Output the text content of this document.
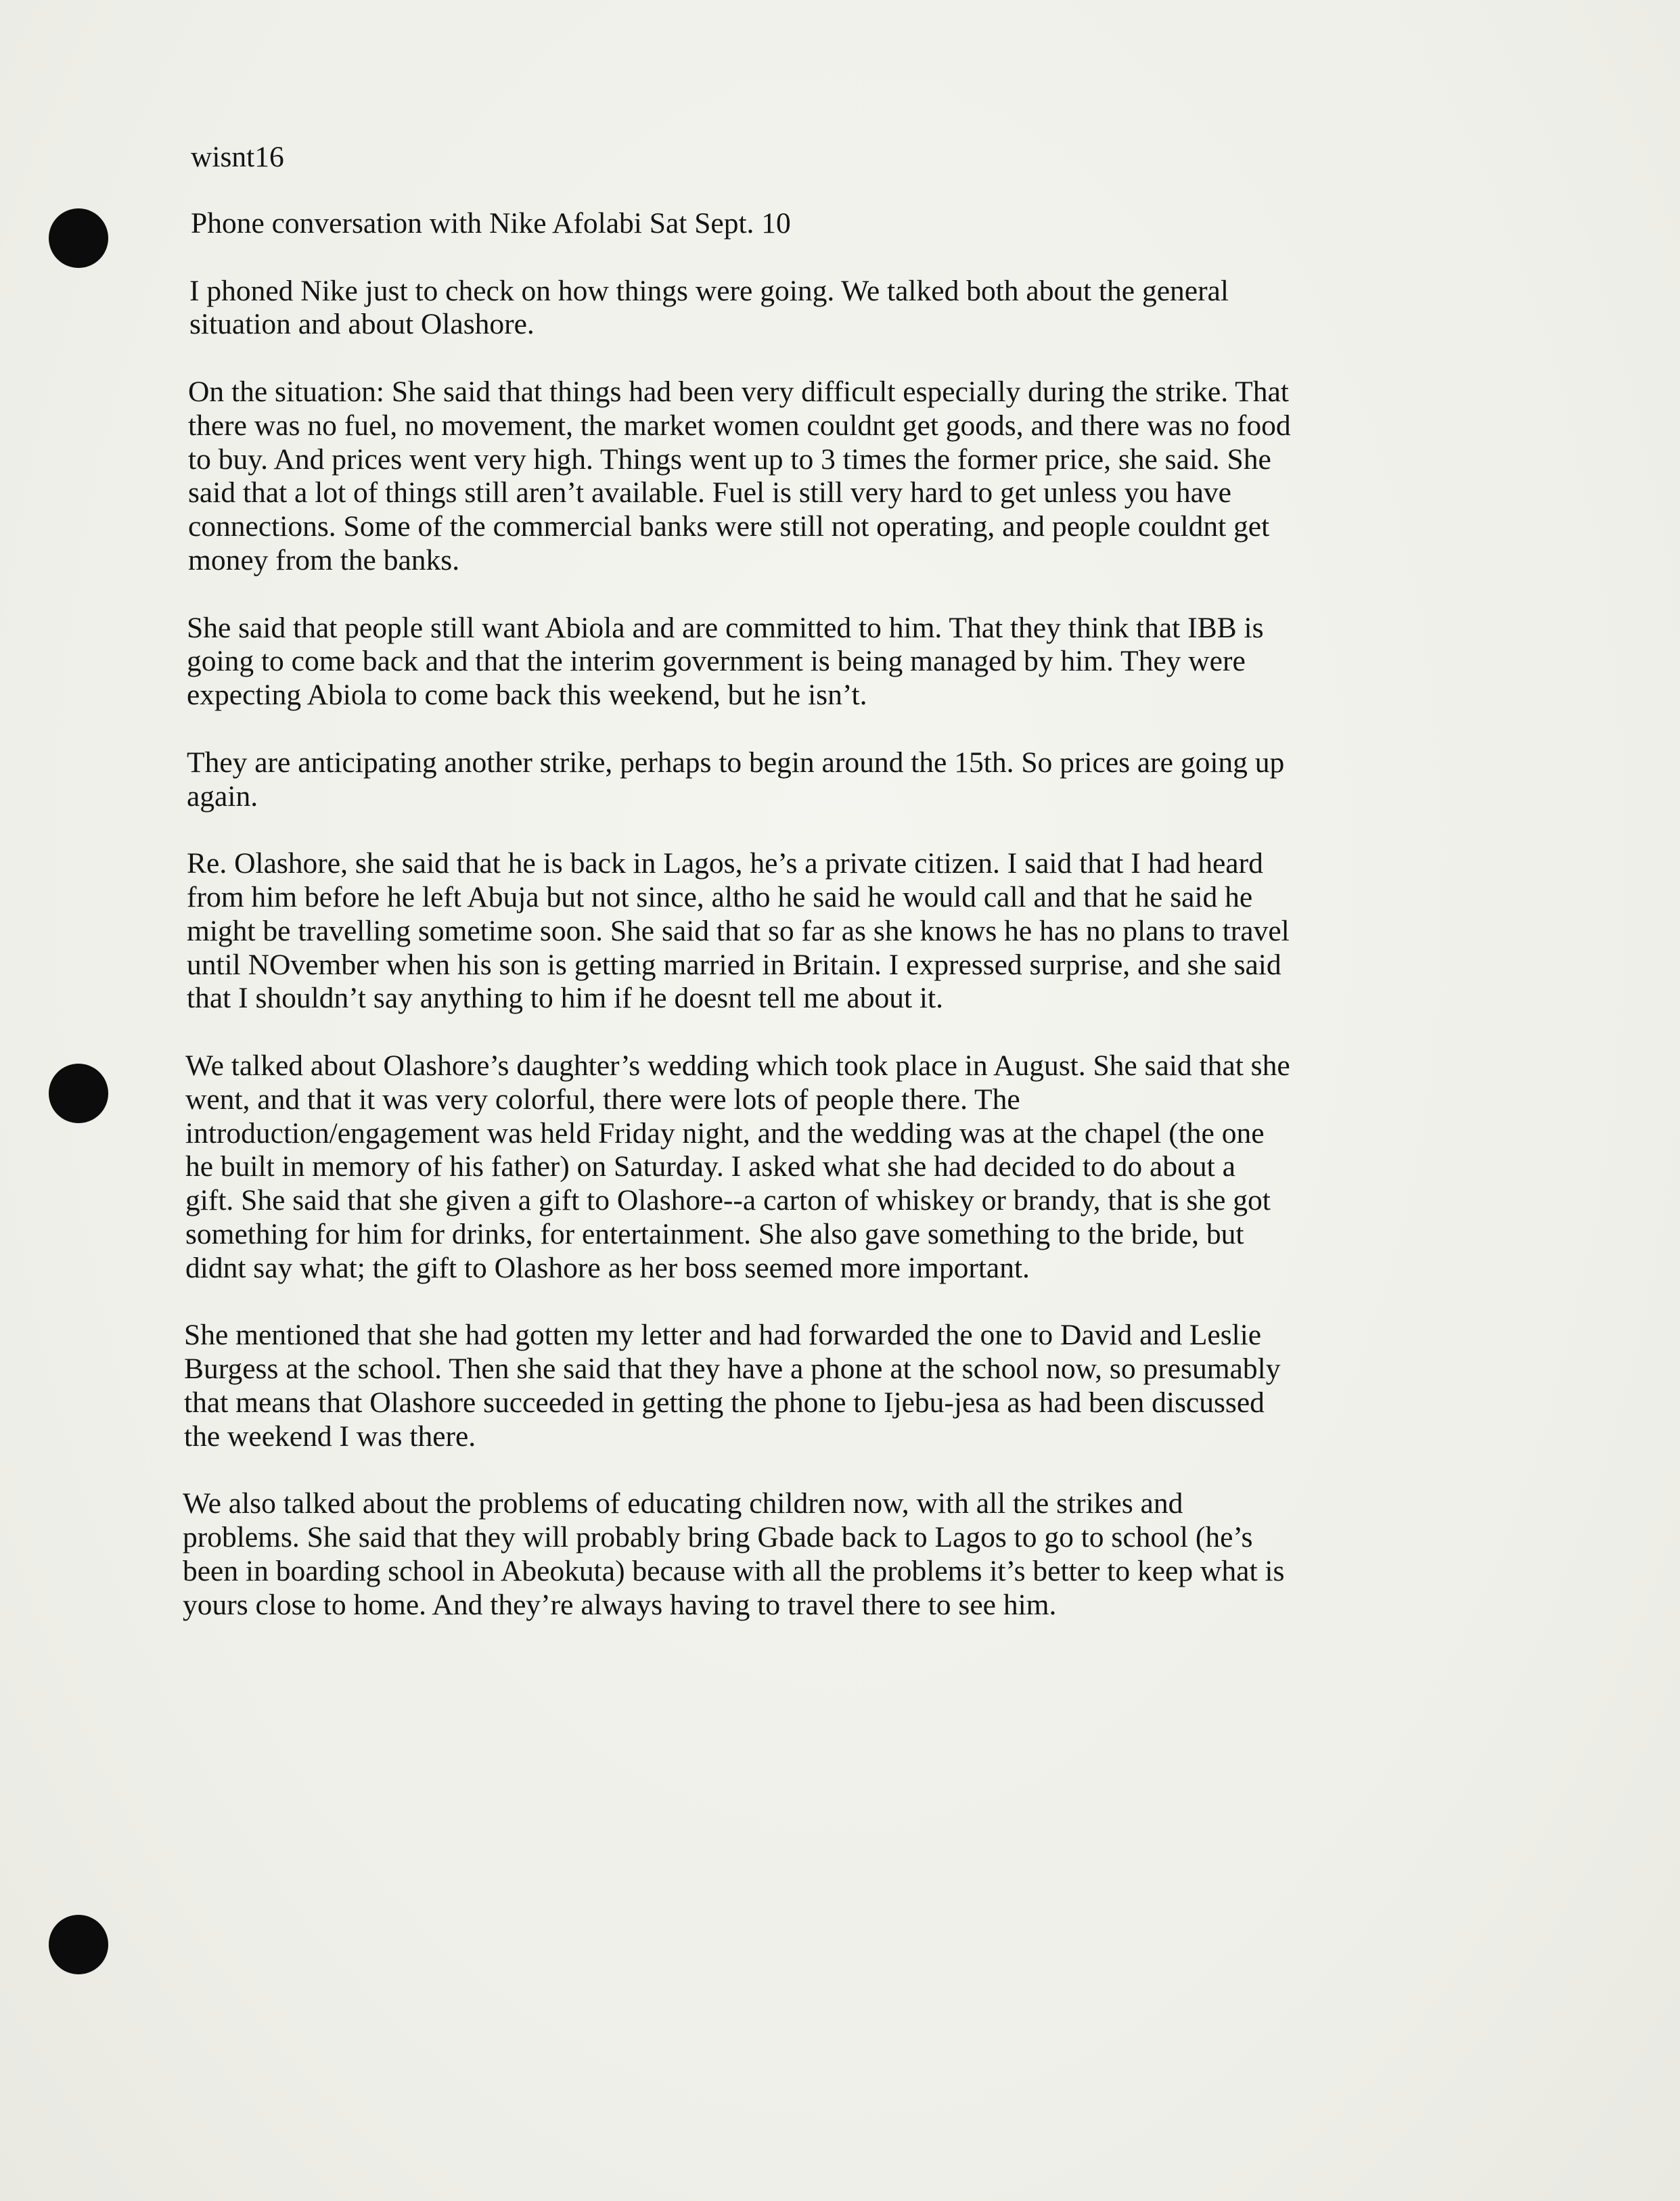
wisnt16
Phone conversation with Nike Afolabi Sat Sept. 10
I phoned Nike just to check on how things were going. We talked both about the general
situation and about Olashore.
On the situation: She said that things had been very difficult especially during the strike. That
there was no fuel, no movement, the market women couldnt get goods, and there was no food
to buy. And prices went very high. Things went up to 3 times the former price, she said. She
said that a lot of things still aren’t available. Fuel is still very hard to get unless you have
connections. Some of the commercial banks were still not operating, and people couldnt get
money from the banks.
She said that people still want Abiola and are committed to him. That they think that IBB is
going to come back and that the interim government is being managed by him. They were
expecting Abiola to come back this weekend, but he isn’t.
They are anticipating another strike, perhaps to begin around the 15th. So prices are going up
again.
Re. Olashore, she said that he is back in Lagos, he’s a private citizen. I said that I had heard
from him before he left Abuja but not since, altho he said he would call and that he said he
might be travelling sometime soon. She said that so far as she knows he has no plans to travel
until NOvember when his son is getting married in Britain. I expressed surprise, and she said
that I shouldn’t say anything to him if he doesnt tell me about it.
We talked about Olashore’s daughter’s wedding which took place in August. She said that she
went, and that it was very colorful, there were lots of people there. The
introduction/engagement was held Friday night, and the wedding was at the chapel (the one
he built in memory of his father) on Saturday. I asked what she had decided to do about a
gift. She said that she given a gift to Olashore--a carton of whiskey or brandy, that is she got
something for him for drinks, for entertainment. She also gave something to the bride, but
didnt say what; the gift to Olashore as her boss seemed more important.
She mentioned that she had gotten my letter and had forwarded the one to David and Leslie
Burgess at the school. Then she said that they have a phone at the school now, so presumably
that means that Olashore succeeded in getting the phone to Ijebu-jesa as had been discussed
the weekend I was there.
We also talked about the problems of educating children now, with all the strikes and
problems. She said that they will probably bring Gbade back to Lagos to go to school (he’s
been in boarding school in Abeokuta) because with all the problems it’s better to keep what is
yours close to home. And they’re always having to travel there to see him.
